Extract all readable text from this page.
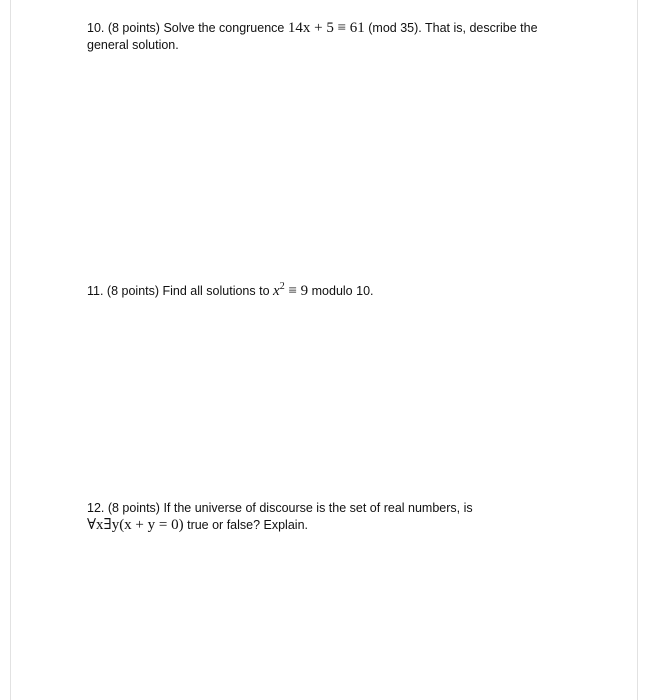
10. (8 points) Solve the congruence 14x + 5 ≡ 61 (mod 35). That is, describe the general solution.
11. (8 points) Find all solutions to $x^2 \equiv 9$ modulo 10.
12. (8 points) If the universe of discourse is the set of real numbers, is
∀x∃y(x + y = 0) true or false? Explain.
